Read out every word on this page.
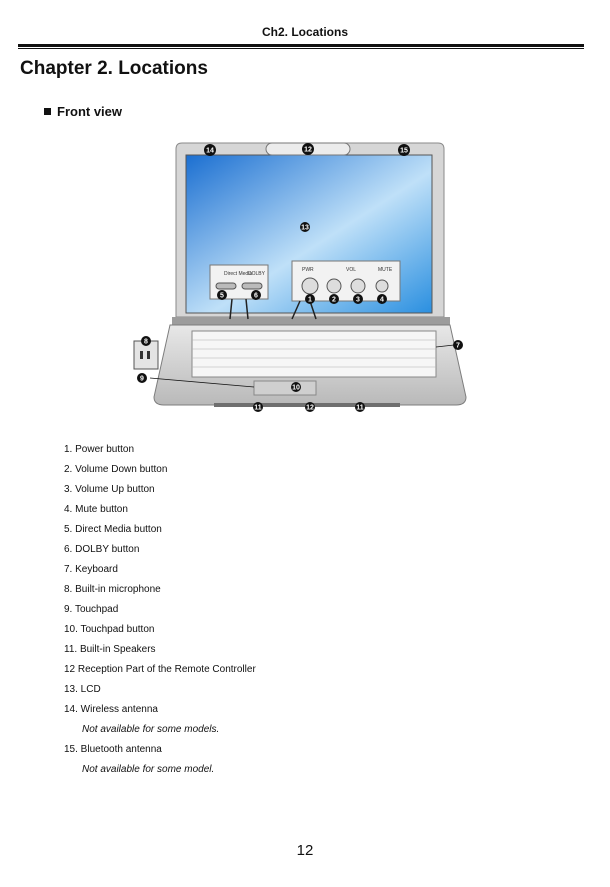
Ch2. Locations
Chapter 2. Locations
Front view
Direct Media
DOLBY
PWR	VOL	MUTE
14	12	15
13
5	6
1	2	3	4
7
8
9
10
11	12	11
1. Power button
2. Volume Down button
3. Volume Up button
4. Mute button
5. Direct Media button
6. DOLBY button
7. Keyboard
8. Built-in microphone
9. Touchpad
10. Touchpad button
11. Built-in Speakers
12 Reception Part of the Remote Controller
13. LCD
14. Wireless antenna
Not available for some models.
15. Bluetooth antenna
Not available for some model.
12
